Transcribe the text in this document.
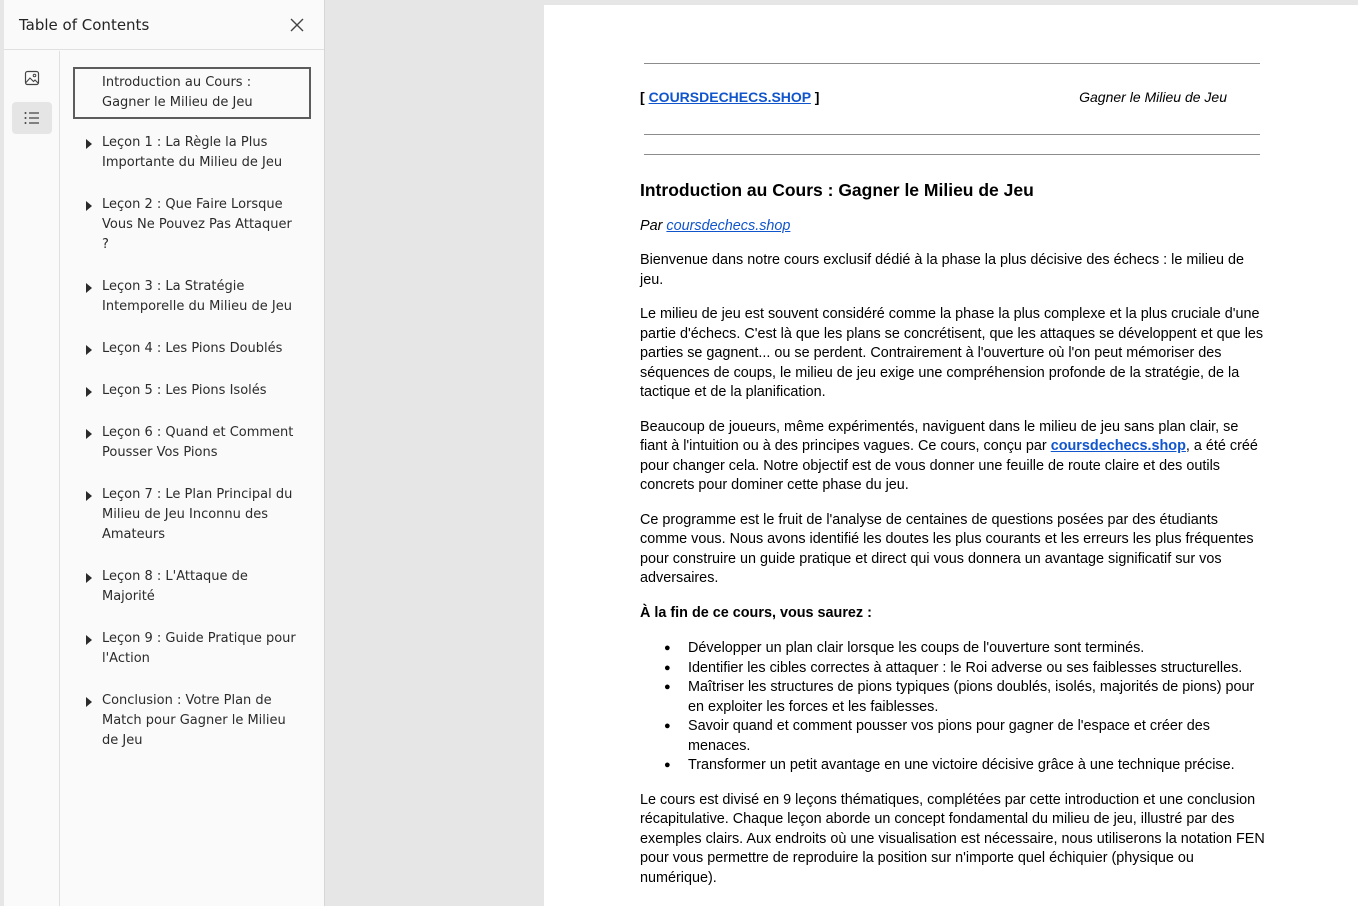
Table of Contents
Introduction au Cours : Gagner le Milieu de Jeu
Leçon 1 : La Règle la Plus Importante du Milieu de Jeu
Leçon 2 : Que Faire Lorsque Vous Ne Pouvez Pas Attaquer ?
Leçon 3 : La Stratégie Intemporelle du Milieu de Jeu
Leçon 4 : Les Pions Doublés
Leçon 5 : Les Pions Isolés
Leçon 6 : Quand et Comment Pousser Vos Pions
Leçon 7 : Le Plan Principal du Milieu de Jeu Inconnu des Amateurs
Leçon 8 : L'Attaque de Majorité
Leçon 9 : Guide Pratique pour l'Action
Conclusion : Votre Plan de Match pour Gagner le Milieu de Jeu
[ COURSDECHECS.SHOP ]	Gagner le Milieu de Jeu
Introduction au Cours : Gagner le Milieu de Jeu
Par coursdechecs.shop

Bienvenue dans notre cours exclusif dédié à la phase la plus décisive des échecs : le milieu de jeu.

Le milieu de jeu est souvent considéré comme la phase la plus complexe et la plus cruciale d'une partie d'échecs. C'est là que les plans se concrétisent, que les attaques se développent et que les parties se gagnent... ou se perdent. Contrairement à l'ouverture où l'on peut mémoriser des séquences de coups, le milieu de jeu exige une compréhension profonde de la stratégie, de la tactique et de la planification.

Beaucoup de joueurs, même expérimentés, naviguent dans le milieu de jeu sans plan clair, se fiant à l'intuition ou à des principes vagues. Ce cours, conçu par coursdechecs.shop, a été créé pour changer cela. Notre objectif est de vous donner une feuille de route claire et des outils concrets pour dominer cette phase du jeu.

Ce programme est le fruit de l'analyse de centaines de questions posées par des étudiants comme vous. Nous avons identifié les doutes les plus courants et les erreurs les plus fréquentes pour construire un guide pratique et direct qui vous donnera un avantage significatif sur vos adversaires.

À la fin de ce cours, vous saurez :
● Développer un plan clair lorsque les coups de l'ouverture sont terminés.
● Identifier les cibles correctes à attaquer : le Roi adverse ou ses faiblesses structurelles.
● Maîtriser les structures de pions typiques (pions doublés, isolés, majorités de pions) pour en exploiter les forces et les faiblesses.
● Savoir quand et comment pousser vos pions pour gagner de l'espace et créer des menaces.
● Transformer un petit avantage en une victoire décisive grâce à une technique précise.

Le cours est divisé en 9 leçons thématiques, complétées par cette introduction et une conclusion récapitulative. Chaque leçon aborde un concept fondamental du milieu de jeu, illustré par des exemples clairs. Aux endroits où une visualisation est nécessaire, nous utiliserons la notation FEN pour vous permettre de reproduire la position sur n'importe quel échiquier (physique ou numérique).
